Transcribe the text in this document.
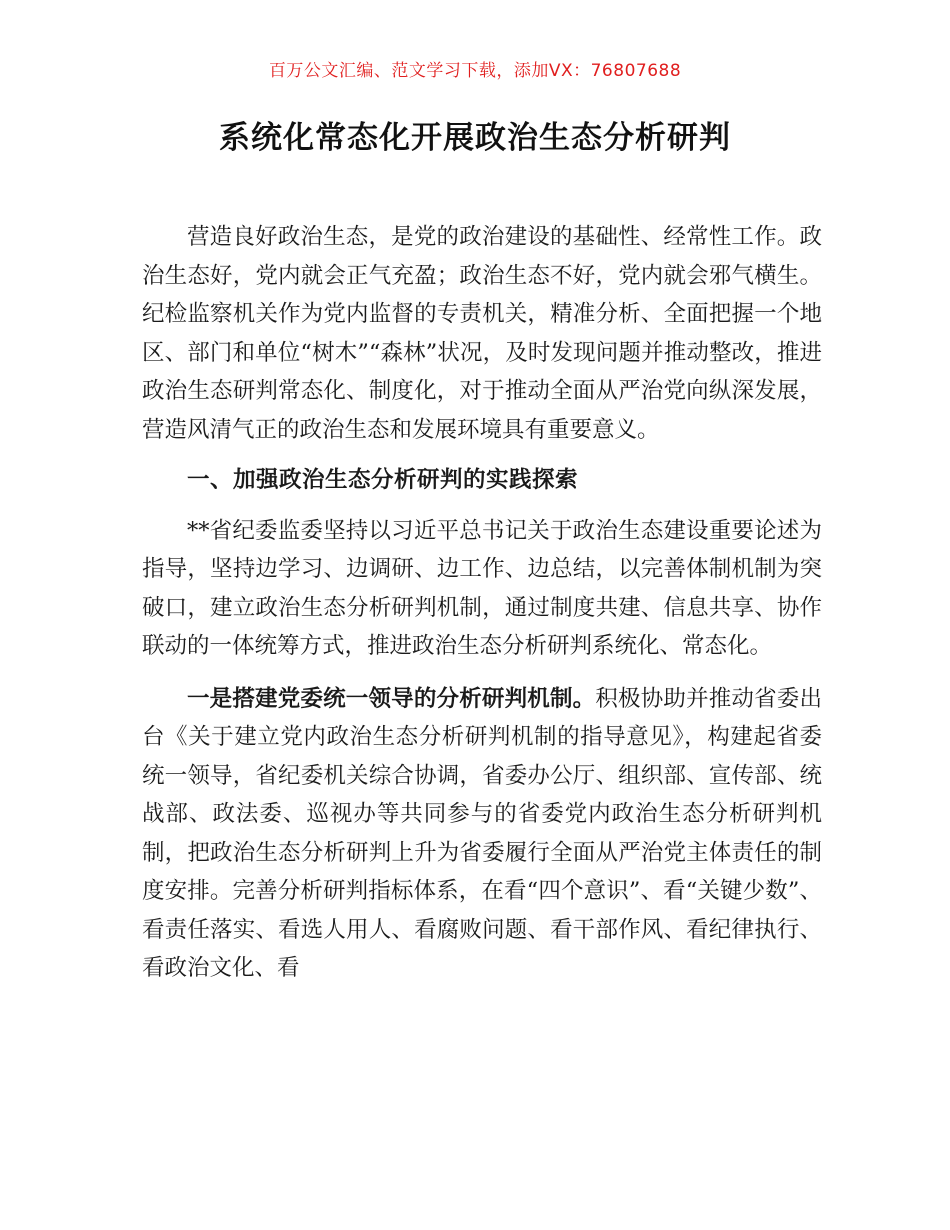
百万公文汇编、范文学习下载，添加VX：76807688
系统化常态化开展政治生态分析研判

营造良好政治生态，是党的政治建设的基础性、经常性工作。政治生态好，党内就会正气充盈；政治生态不好，党内就会邪气横生。纪检监察机关作为党内监督的专责机关，精准分析、全面把握一个地区、部门和单位“树木”“森林”状况，及时发现问题并推动整改，推进政治生态研判常态化、制度化，对于推动全面从严治党向纵深发展，营造风清气正的政治生态和发展环境具有重要意义。

一、加强政治生态分析研判的实践探索

**省纪委监委坚持以习近平总书记关于政治生态建设重要论述为指导，坚持边学习、边调研、边工作、边总结，以完善体制机制为突破口，建立政治生态分析研判机制，通过制度共建、信息共享、协作联动的一体统筹方式，推进政治生态分析研判系统化、常态化。

一是搭建党委统一领导的分析研判机制。积极协助并推动省委出台《关于建立党内政治生态分析研判机制的指导意见》，构建起省委统一领导，省纪委机关综合协调，省委办公厅、组织部、宣传部、统战部、政法委、巡视办等共同参与的省委党内政治生态分析研判机制，把政治生态分析研判上升为省委履行全面从严治党主体责任的制度安排。完善分析研判指标体系，在看“四个意识”、看“关键少数”、看责任落实、看选人用人、看腐败问题、看干部作风、看纪律执行、看政治文化、看
